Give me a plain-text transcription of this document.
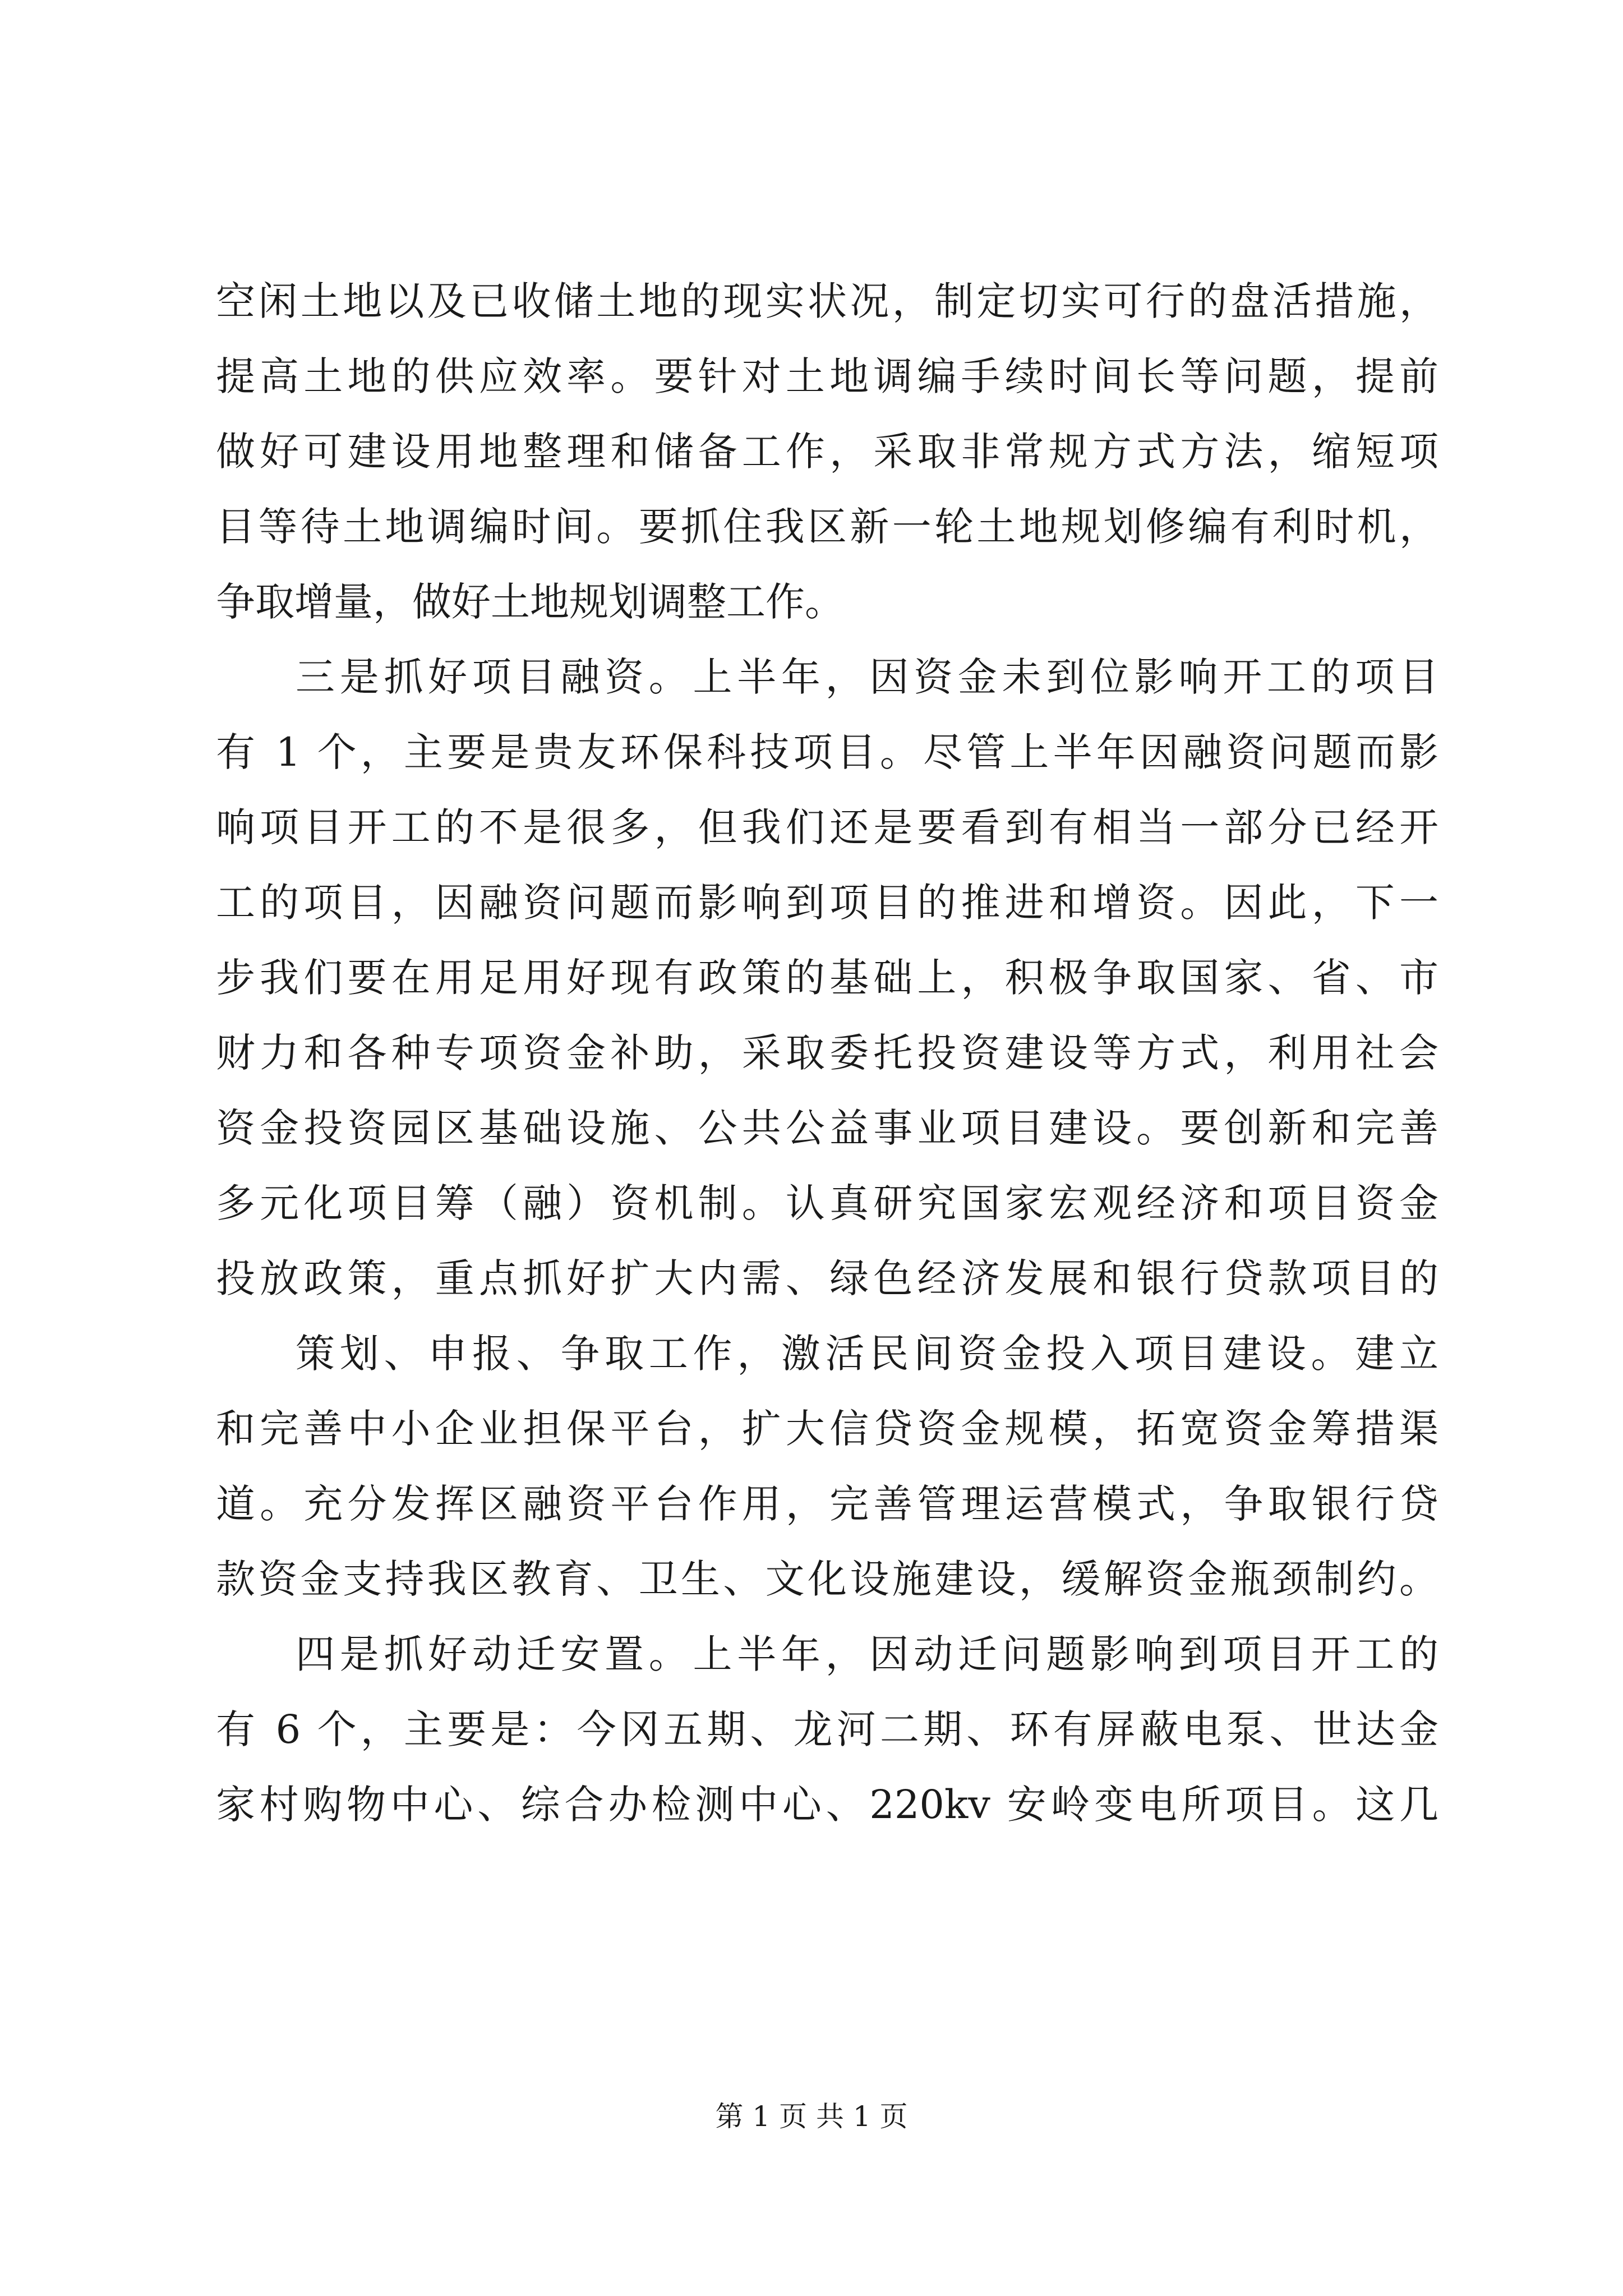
空闲土地以及已收储土地的现实状况，制定切实可行的盘活措施，
提高土地的供应效率。要针对土地调编手续时间长等问题，提前
做好可建设用地整理和储备工作，采取非常规方式方法，缩短项
目等待土地调编时间。要抓住我区新一轮土地规划修编有利时机，
争取增量，做好土地规划调整工作。
三是抓好项目融资。上半年，因资金未到位影响开工的项目
有 1 个，主要是贵友环保科技项目。尽管上半年因融资问题而影
响项目开工的不是很多，但我们还是要看到有相当一部分已经开
工的项目，因融资问题而影响到项目的推进和增资。因此，下一
步我们要在用足用好现有政策的基础上，积极争取国家、省、市
财力和各种专项资金补助，采取委托投资建设等方式，利用社会
资金投资园区基础设施、公共公益事业项目建设。要创新和完善
多元化项目筹（融）资机制。认真研究国家宏观经济和项目资金
投放政策，重点抓好扩大内需、绿色经济发展和银行贷款项目的
策划、申报、争取工作，激活民间资金投入项目建设。建立
和完善中小企业担保平台，扩大信贷资金规模，拓宽资金筹措渠
道。充分发挥区融资平台作用，完善管理运营模式，争取银行贷
款资金支持我区教育、卫生、文化设施建设，缓解资金瓶颈制约。
四是抓好动迁安置。上半年，因动迁问题影响到项目开工的
有 6 个，主要是：今冈五期、龙河二期、环有屏蔽电泵、世达金
家村购物中心、综合办检测中心、220kv 安岭变电所项目。这几
第 1 页 共 1 页
